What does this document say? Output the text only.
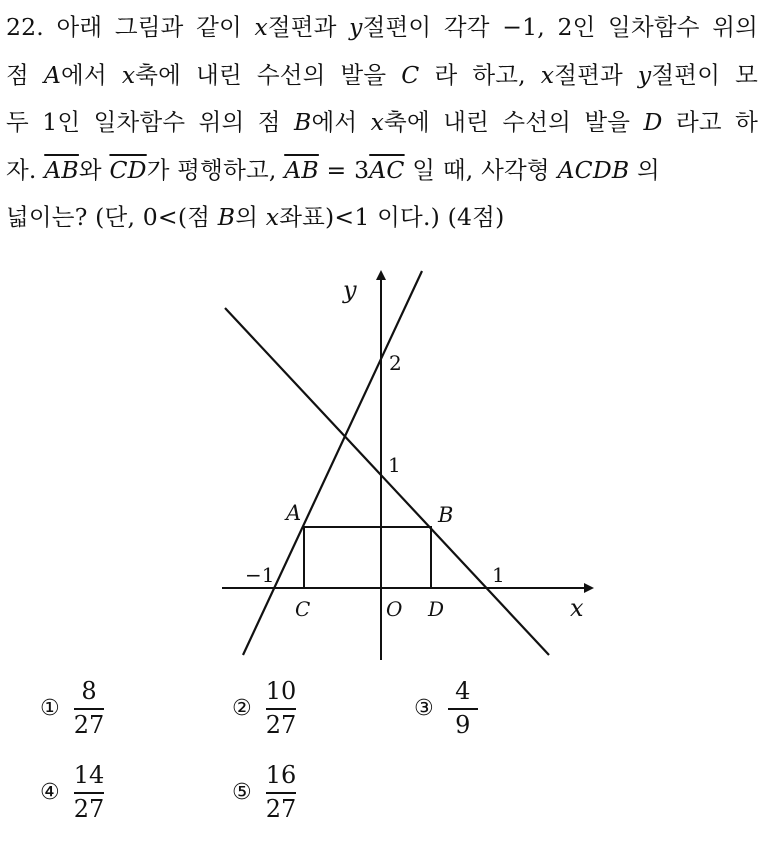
22. 아래 그림과 같이 𝑥절편과 𝑦절편이 각각 −1, 2인 일차함수 위의
점 𝐴에서 𝑥축에 내린 수선의 발을 𝐶 라 하고, 𝑥절편과 𝑦절편이 모
두 1인 일차함수 위의 점 𝐵에서 𝑥축에 내린 수선의 발을 𝐷 라고 하
자. $\overline{AB}$와 $\overline{CD}$가 평행하고, $\overline{AB} = 3\overline{AC}$ 일 때, 사각형 𝐴𝐶𝐷𝐵 의
넓이는? (단, 0<(점 𝐵의 𝑥좌표)<1 이다.) (4점)
y
x
2
1
−1	1
O
A	B
C	D
① $\frac{8}{27}$	② $\frac{10}{27}$	③ $\frac{4}{9}$
④ $\frac{14}{27}$	⑤ $\frac{16}{27}$
